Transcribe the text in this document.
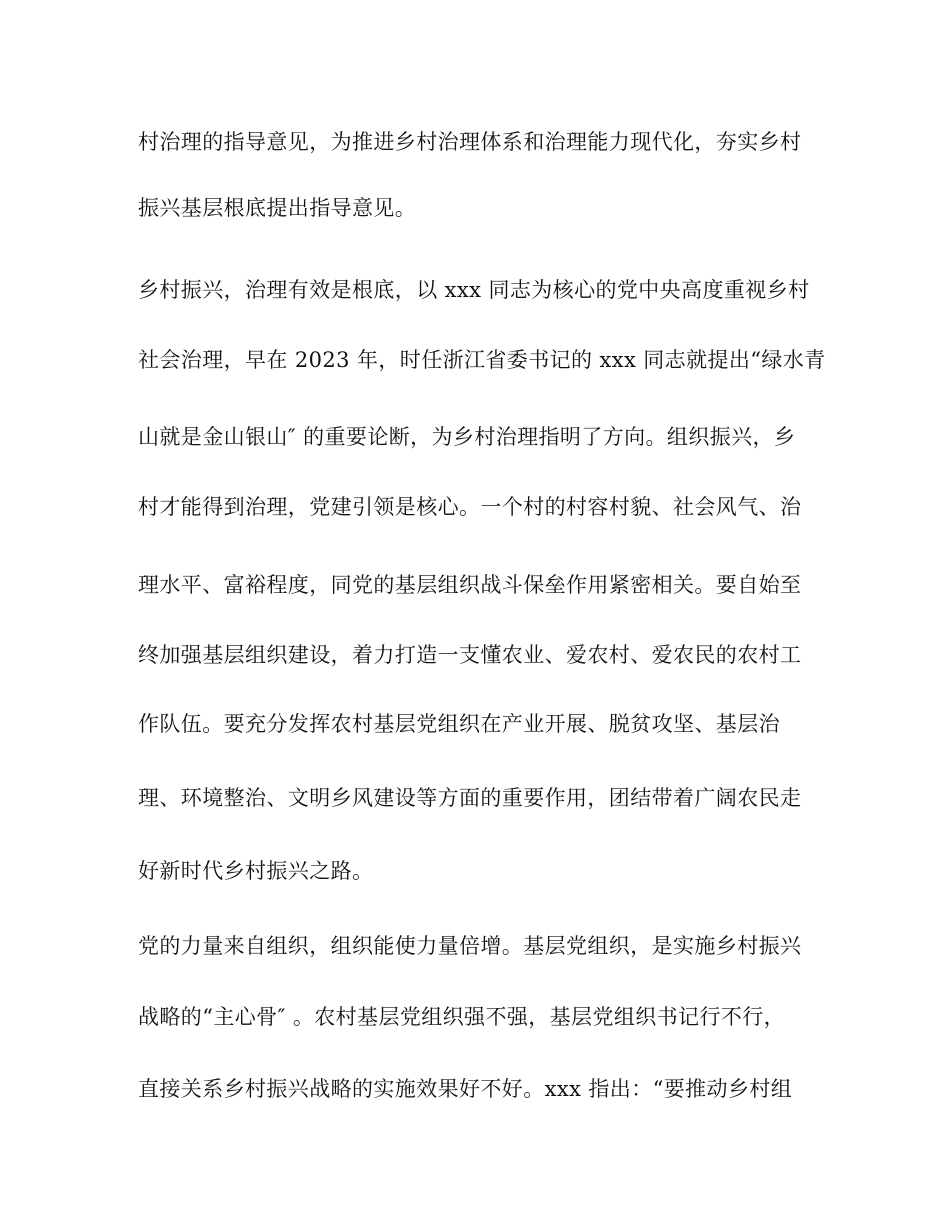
村治理的指导意见，为推进乡村治理体系和治理能力现代化，夯实乡村
振兴基层根底提出指导意见。
乡村振兴，治理有效是根底，以 xxx 同志为核心的党中央高度重视乡村
社会治理，早在 2023 年，时任浙江省委书记的 xxx 同志就提出“绿水青
山就是金山银山″ 的重要论断，为乡村治理指明了方向。组织振兴，乡
村才能得到治理，党建引领是核心。一个村的村容村貌、社会风气、治
理水平、富裕程度，同党的基层组织战斗保垒作用紧密相关。要自始至
终加强基层组织建设，着力打造一支懂农业、爱农村、爱农民的农村工
作队伍。要充分发挥农村基层党组织在产业开展、脱贫攻坚、基层治
理、环境整治、文明乡风建设等方面的重要作用，团结带着广阔农民走
好新时代乡村振兴之路。
党的力量来自组织，组织能使力量倍增。基层党组织，是实施乡村振兴
战略的“主心骨″ 。农村基层党组织强不强，基层党组织书记行不行，
直接关系乡村振兴战略的实施效果好不好。xxx 指出：“要推动乡村组
